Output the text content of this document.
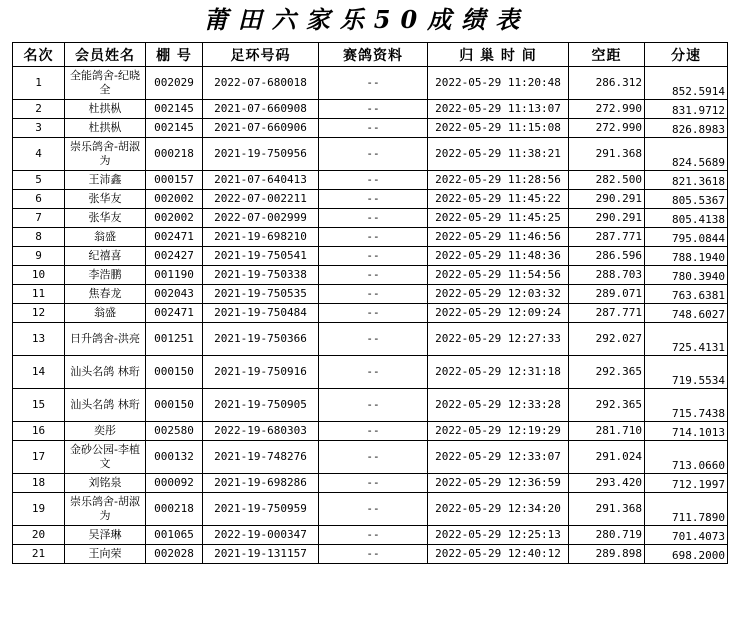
莆田六家乐50成绩表
名次	会员姓名	棚 号	足环号码	赛鸽资料	归 巢 时 间	空距	分速
1	全能鸽舍-纪晓全	002029	2022-07-680018	--	2022-05-29 11:20:48	286.312	852.5914
2	杜拱枞	002145	2021-07-660908	--	2022-05-29 11:13:07	272.990	831.9712
3	杜拱枞	002145	2021-07-660906	--	2022-05-29 11:15:08	272.990	826.8983
4	崇乐鸽舍-胡淑为	000218	2021-19-750956	--	2022-05-29 11:38:21	291.368	824.5689
5	王沛鑫	000157	2021-07-640413	--	2022-05-29 11:28:56	282.500	821.3618
6	张华友	002002	2022-07-002211	--	2022-05-29 11:45:22	290.291	805.5367
7	张华友	002002	2022-07-002999	--	2022-05-29 11:45:25	290.291	805.4138
8	翁盛	002471	2021-19-698210	--	2022-05-29 11:46:56	287.771	795.0844
9	纪禧喜	002427	2021-19-750541	--	2022-05-29 11:48:36	286.596	788.1940
10	李浩鹏	001190	2021-19-750338	--	2022-05-29 11:54:56	288.703	780.3940
11	焦春龙	002043	2021-19-750535	--	2022-05-29 12:03:32	289.071	763.6381
12	翁盛	002471	2021-19-750484	--	2022-05-29 12:09:24	287.771	748.6027
13	日升鸽舍-洪亮	001251	2021-19-750366	--	2022-05-29 12:27:33	292.027	725.4131
14	汕头名鸽 林珩	000150	2021-19-750916	--	2022-05-29 12:31:18	292.365	719.5534
15	汕头名鸽 林珩	000150	2021-19-750905	--	2022-05-29 12:33:28	292.365	715.7438
16	奕彤	002580	2022-19-680303	--	2022-05-29 12:19:29	281.710	714.1013
17	金砂公园-李植文	000132	2021-19-748276	--	2022-05-29 12:33:07	291.024	713.0660
18	刘铭泉	000092	2021-19-698286	--	2022-05-29 12:36:59	293.420	712.1997
19	崇乐鸽舍-胡淑为	000218	2021-19-750959	--	2022-05-29 12:34:20	291.368	711.7890
20	吴泽琳	001065	2022-19-000347	--	2022-05-29 12:25:13	280.719	701.4073
21	王向荣	002028	2021-19-131157	--	2022-05-29 12:40:12	289.898	698.2000
